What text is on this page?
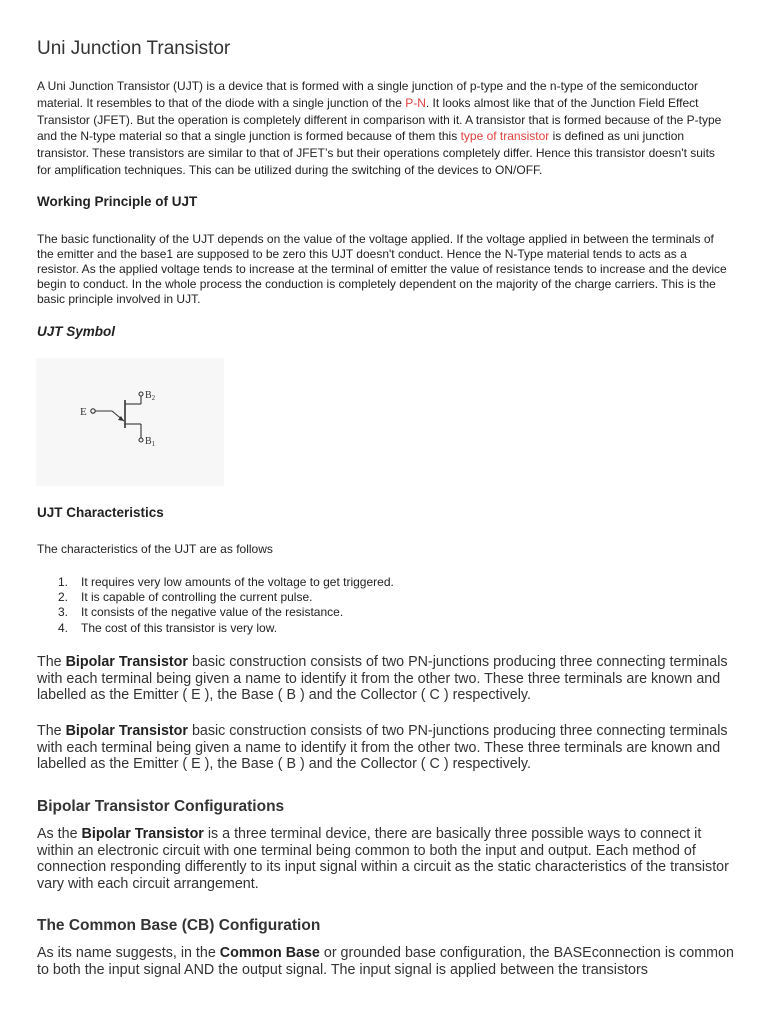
Uni Junction Transistor

A Uni Junction Transistor (UJT) is a device that is formed with a single junction of p-type and the n-type of the semiconductor material. It resembles to that of the diode with a single junction of the P-N. It looks almost like that of the Junction Field Effect Transistor (JFET). But the operation is completely different in comparison with it. A transistor that is formed because of the P-type and the N-type material so that a single junction is formed because of them this type of transistor is defined as uni junction transistor. These transistors are similar to that of JFET’s but their operations completely differ. Hence this transistor doesn't suits for amplification techniques. This can be utilized during the switching of the devices to ON/OFF.

Working Principle of UJT

The basic functionality of the UJT depends on the value of the voltage applied. If the voltage applied in between the terminals of the emitter and the base1 are supposed to be zero this UJT doesn't conduct. Hence the N-Type material tends to acts as a resistor. As the applied voltage tends to increase at the terminal of emitter the value of resistance tends to increase and the device begin to conduct. In the whole process the conduction is completely dependent on the majority of the charge carriers. This is the basic principle involved in UJT.

UJT Symbol
E
$B_2$
$B_1$
UJT Characteristics

The characteristics of the UJT are as follows

1. It requires very low amounts of the voltage to get triggered.
2. It is capable of controlling the current pulse.
3. It consists of the negative value of the resistance.
4. The cost of this transistor is very low.

The Bipolar Transistor basic construction consists of two PN-junctions producing three connecting terminals with each terminal being given a name to identify it from the other two. These three terminals are known and labelled as the Emitter ( E ), the Base ( B ) and the Collector ( C ) respectively.

The Bipolar Transistor basic construction consists of two PN-junctions producing three connecting terminals with each terminal being given a name to identify it from the other two. These three terminals are known and labelled as the Emitter ( E ), the Base ( B ) and the Collector ( C ) respectively.

Bipolar Transistor Configurations

As the Bipolar Transistor is a three terminal device, there are basically three possible ways to connect it within an electronic circuit with one terminal being common to both the input and output. Each method of connection responding differently to its input signal within a circuit as the static characteristics of the transistor vary with each circuit arrangement.

The Common Base (CB) Configuration

As its name suggests, in the Common Base or grounded base configuration, the BASEconnection is common to both the input signal AND the output signal. The input signal is applied between the transistors
